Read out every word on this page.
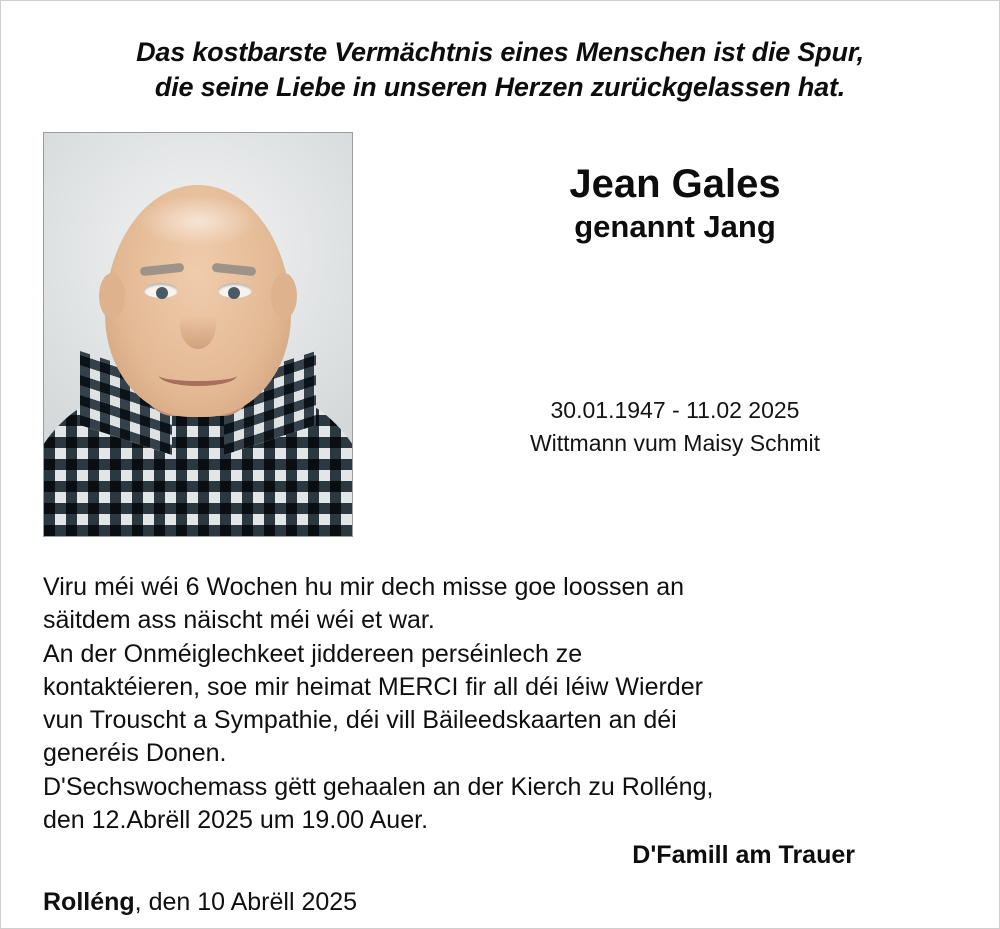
Das kostbarste Vermächtnis eines Menschen ist die Spur,
die seine Liebe in unseren Herzen zurückgelassen hat.
Jean Gales
genannt Jang
30.01.1947 - 11.02 2025
Wittmann vum Maisy Schmit

Viru méi wéi 6 Wochen hu mir dech misse goe loossen an

säitdem ass näischt méi wéi et war.

An der Onméiglechkeet jiddereen perséinlech ze

kontaktéieren, soe mir heimat MERCI fir all déi léiw Wierder

vun Trouscht a Sympathie, déi vill Bäileedskaarten an déi

generéis Donen.

D'Sechswochemass gëtt gehaalen an der Kierch zu Rolléng,

den 12.Abrëll 2025 um 19.00 Auer.

D'Famill am Trauer
Rolléng, den 10 Abrëll 2025
